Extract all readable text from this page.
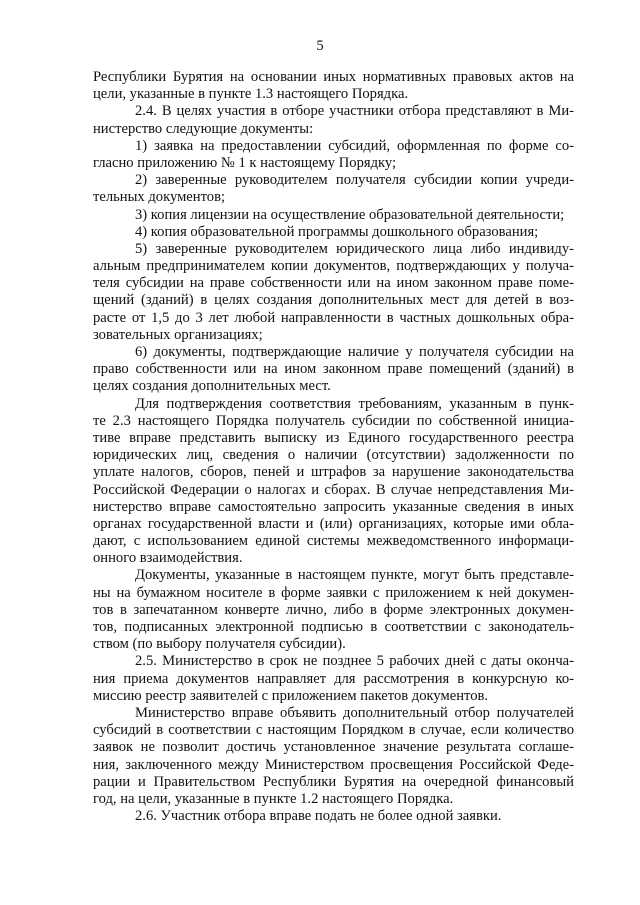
5
Республики Бурятия на основании иных нормативных правовых актов на
цели, указанные в пункте 1.3 настоящего Порядка.
2.4. В целях участия в отборе участники отбора представляют в Ми-
нистерство следующие документы:
1) заявка на предоставлении субсидий, оформленная по форме со-
гласно приложению № 1 к настоящему Порядку;
2) заверенные руководителем получателя субсидии копии учреди-
тельных документов;
3) копия лицензии на осуществление образовательной деятельности;
4) копия образовательной программы дошкольного образования;
5) заверенные руководителем юридического лица либо индивиду-
альным предпринимателем копии документов, подтверждающих у получа-
теля субсидии на праве собственности или на ином законном праве поме-
щений (зданий) в целях создания дополнительных мест для детей в воз-
расте от 1,5 до 3 лет любой направленности в частных дошкольных обра-
зовательных организациях;
6) документы, подтверждающие наличие у получателя субсидии на
право собственности или на ином законном праве помещений (зданий) в
целях создания дополнительных мест.
Для подтверждения соответствия требованиям, указанным в пунк-
те 2.3 настоящего Порядка получатель субсидии по собственной инициа-
тиве вправе представить выписку из Единого государственного реестра
юридических лиц, сведения о наличии (отсутствии) задолженности по
уплате налогов, сборов, пеней и штрафов за нарушение законодательства
Российской Федерации о налогах и сборах. В случае непредставления Ми-
нистерство вправе самостоятельно запросить указанные сведения в иных
органах государственной власти и (или) организациях, которые ими обла-
дают, с использованием единой системы межведомственного информаци-
онного взаимодействия.
Документы, указанные в настоящем пункте, могут быть представле-
ны на бумажном носителе в форме заявки с приложением к ней докумен-
тов в запечатанном конверте лично, либо в форме электронных докумен-
тов, подписанных электронной подписью в соответствии с законодатель-
ством (по выбору получателя субсидии).
2.5. Министерство в срок не позднее 5 рабочих дней с даты оконча-
ния приема документов направляет для рассмотрения в конкурсную ко-
миссию реестр заявителей с приложением пакетов документов.
Министерство вправе объявить дополнительный отбор получателей
субсидий в соответствии с настоящим Порядком в случае, если количество
заявок не позволит достичь установленное значение результата соглаше-
ния, заключенного между Министерством просвещения Российской Феде-
рации и Правительством Республики Бурятия на очередной финансовый
год, на цели, указанные в пункте 1.2 настоящего Порядка.
2.6. Участник отбора вправе подать не более одной заявки.
